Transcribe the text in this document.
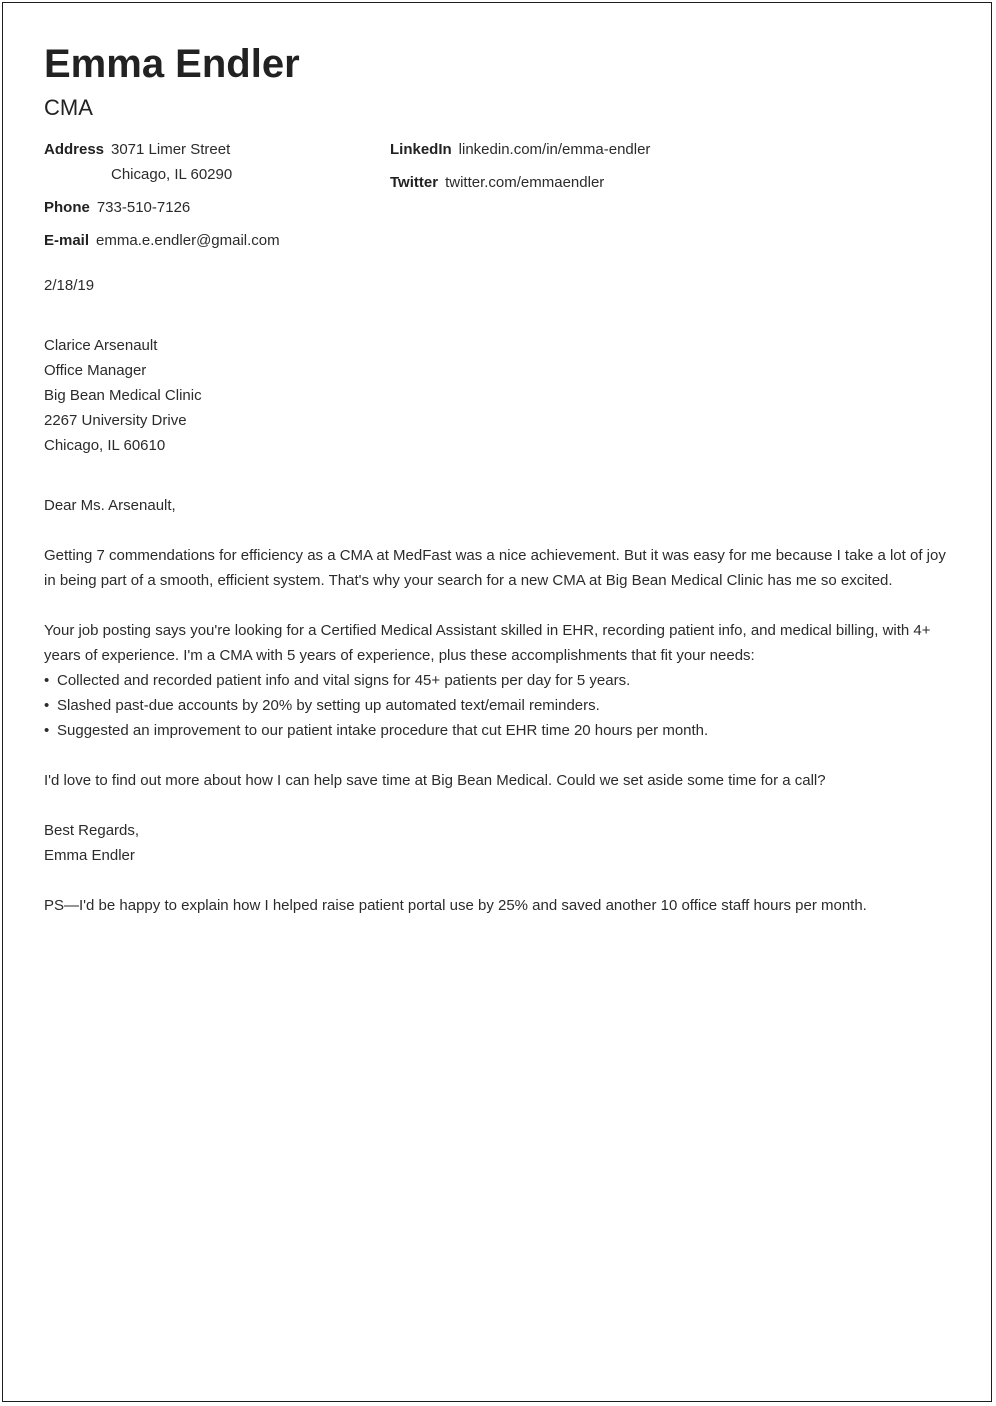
Emma Endler
CMA
Address 3071 Limer Street
Chicago, IL 60290
Phone 733-510-7126
E-mail emma.e.endler@gmail.com
LinkedIn linkedin.com/in/emma-endler
Twitter twitter.com/emmaendler
2/18/19
Clarice Arsenault
Office Manager
Big Bean Medical Clinic
2267 University Drive
Chicago, IL 60610
Dear Ms. Arsenault,
Getting 7 commendations for efficiency as a CMA at MedFast was a nice achievement. But it was easy for me because I take a lot of joy in being part of a smooth, efficient system. That's why your search for a new CMA at Big Bean Medical Clinic has me so excited.

Your job posting says you're looking for a Certified Medical Assistant skilled in EHR, recording patient info, and medical billing, with 4+ years of experience. I'm a CMA with 5 years of experience, plus these accomplishments that fit your needs:

• Collected and recorded patient info and vital signs for 45+ patients per day for 5 years.
• Slashed past-due accounts by 20% by setting up automated text/email reminders.
• Suggested an improvement to our patient intake procedure that cut EHR time 20 hours per month.
I'd love to find out more about how I can help save time at Big Bean Medical. Could we set aside some time for a call?
Best Regards,
Emma Endler
PS—I'd be happy to explain how I helped raise patient portal use by 25% and saved another 10 office staff hours per month.
